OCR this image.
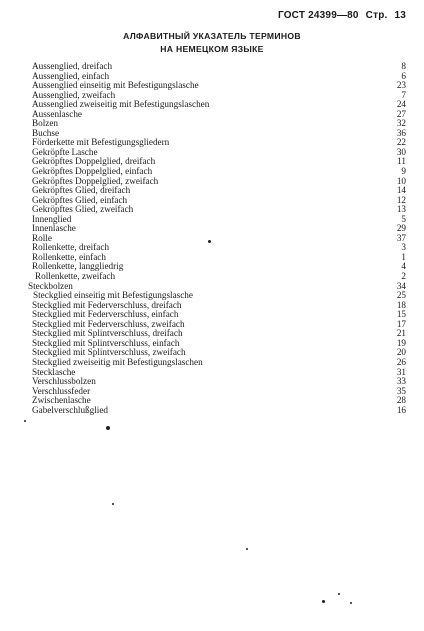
ГОСТ 24399—80 Стр. 13
АЛФАВИТНЫЙ УКАЗАТЕЛЬ ТЕРМИНОВ
НА НЕМЕЦКОМ ЯЗЫКЕ
Aussenglied, dreifach	8
Aussenglied, einfach	6
Aussenglied einseitig mit Befestigungslasche	23
Aussenglied, zweifach	7
Aussenglied zweiseitig mit Befestigungslaschen	24
Aussenlasche	27
Bolzen	32
Buchse	36
Förderkette mit Befestigungsgliedern	22
Gekröpfte Lasche	30
Gekröpftes Doppelglied, dreifach	11
Gekröpftes Doppelglied, einfach	9
Gekröpftes Doppelglied, zweifach	10
Gekröpftes Glied, dreifach	14
Gekröpftes Glied, einfach	12
Gekröpftes Glied, zweifach	13
Innenglied	5
Innenlasche	29
Rolle	37
Rollenkette, dreifach	3
Rollenkette, einfach	1
Rollenkette, langgliedrig	4
Rollenkette, zweifach	2
Steckbolzen	34
Steckglied einseitig mit Befestigungslasche	25
Steckglied mit Federverschluss, dreifach	18
Steckglied mit Federverschluss, einfach	15
Steckglied mit Federverschluss, zweifach	17
Steckglied mit Splintverschluss, dreifach	21
Steckglied mit Splintverschluss, einfach	19
Steckglied mit Splintverschluss, zweifach	20
Steckglied zweiseitig mit Befestigungslaschen	26
Stecklasche	31
Verschlussbolzen	33
Verschlussfeder	35
Zwischenlasche	28
Gabelverschlußglied	16
